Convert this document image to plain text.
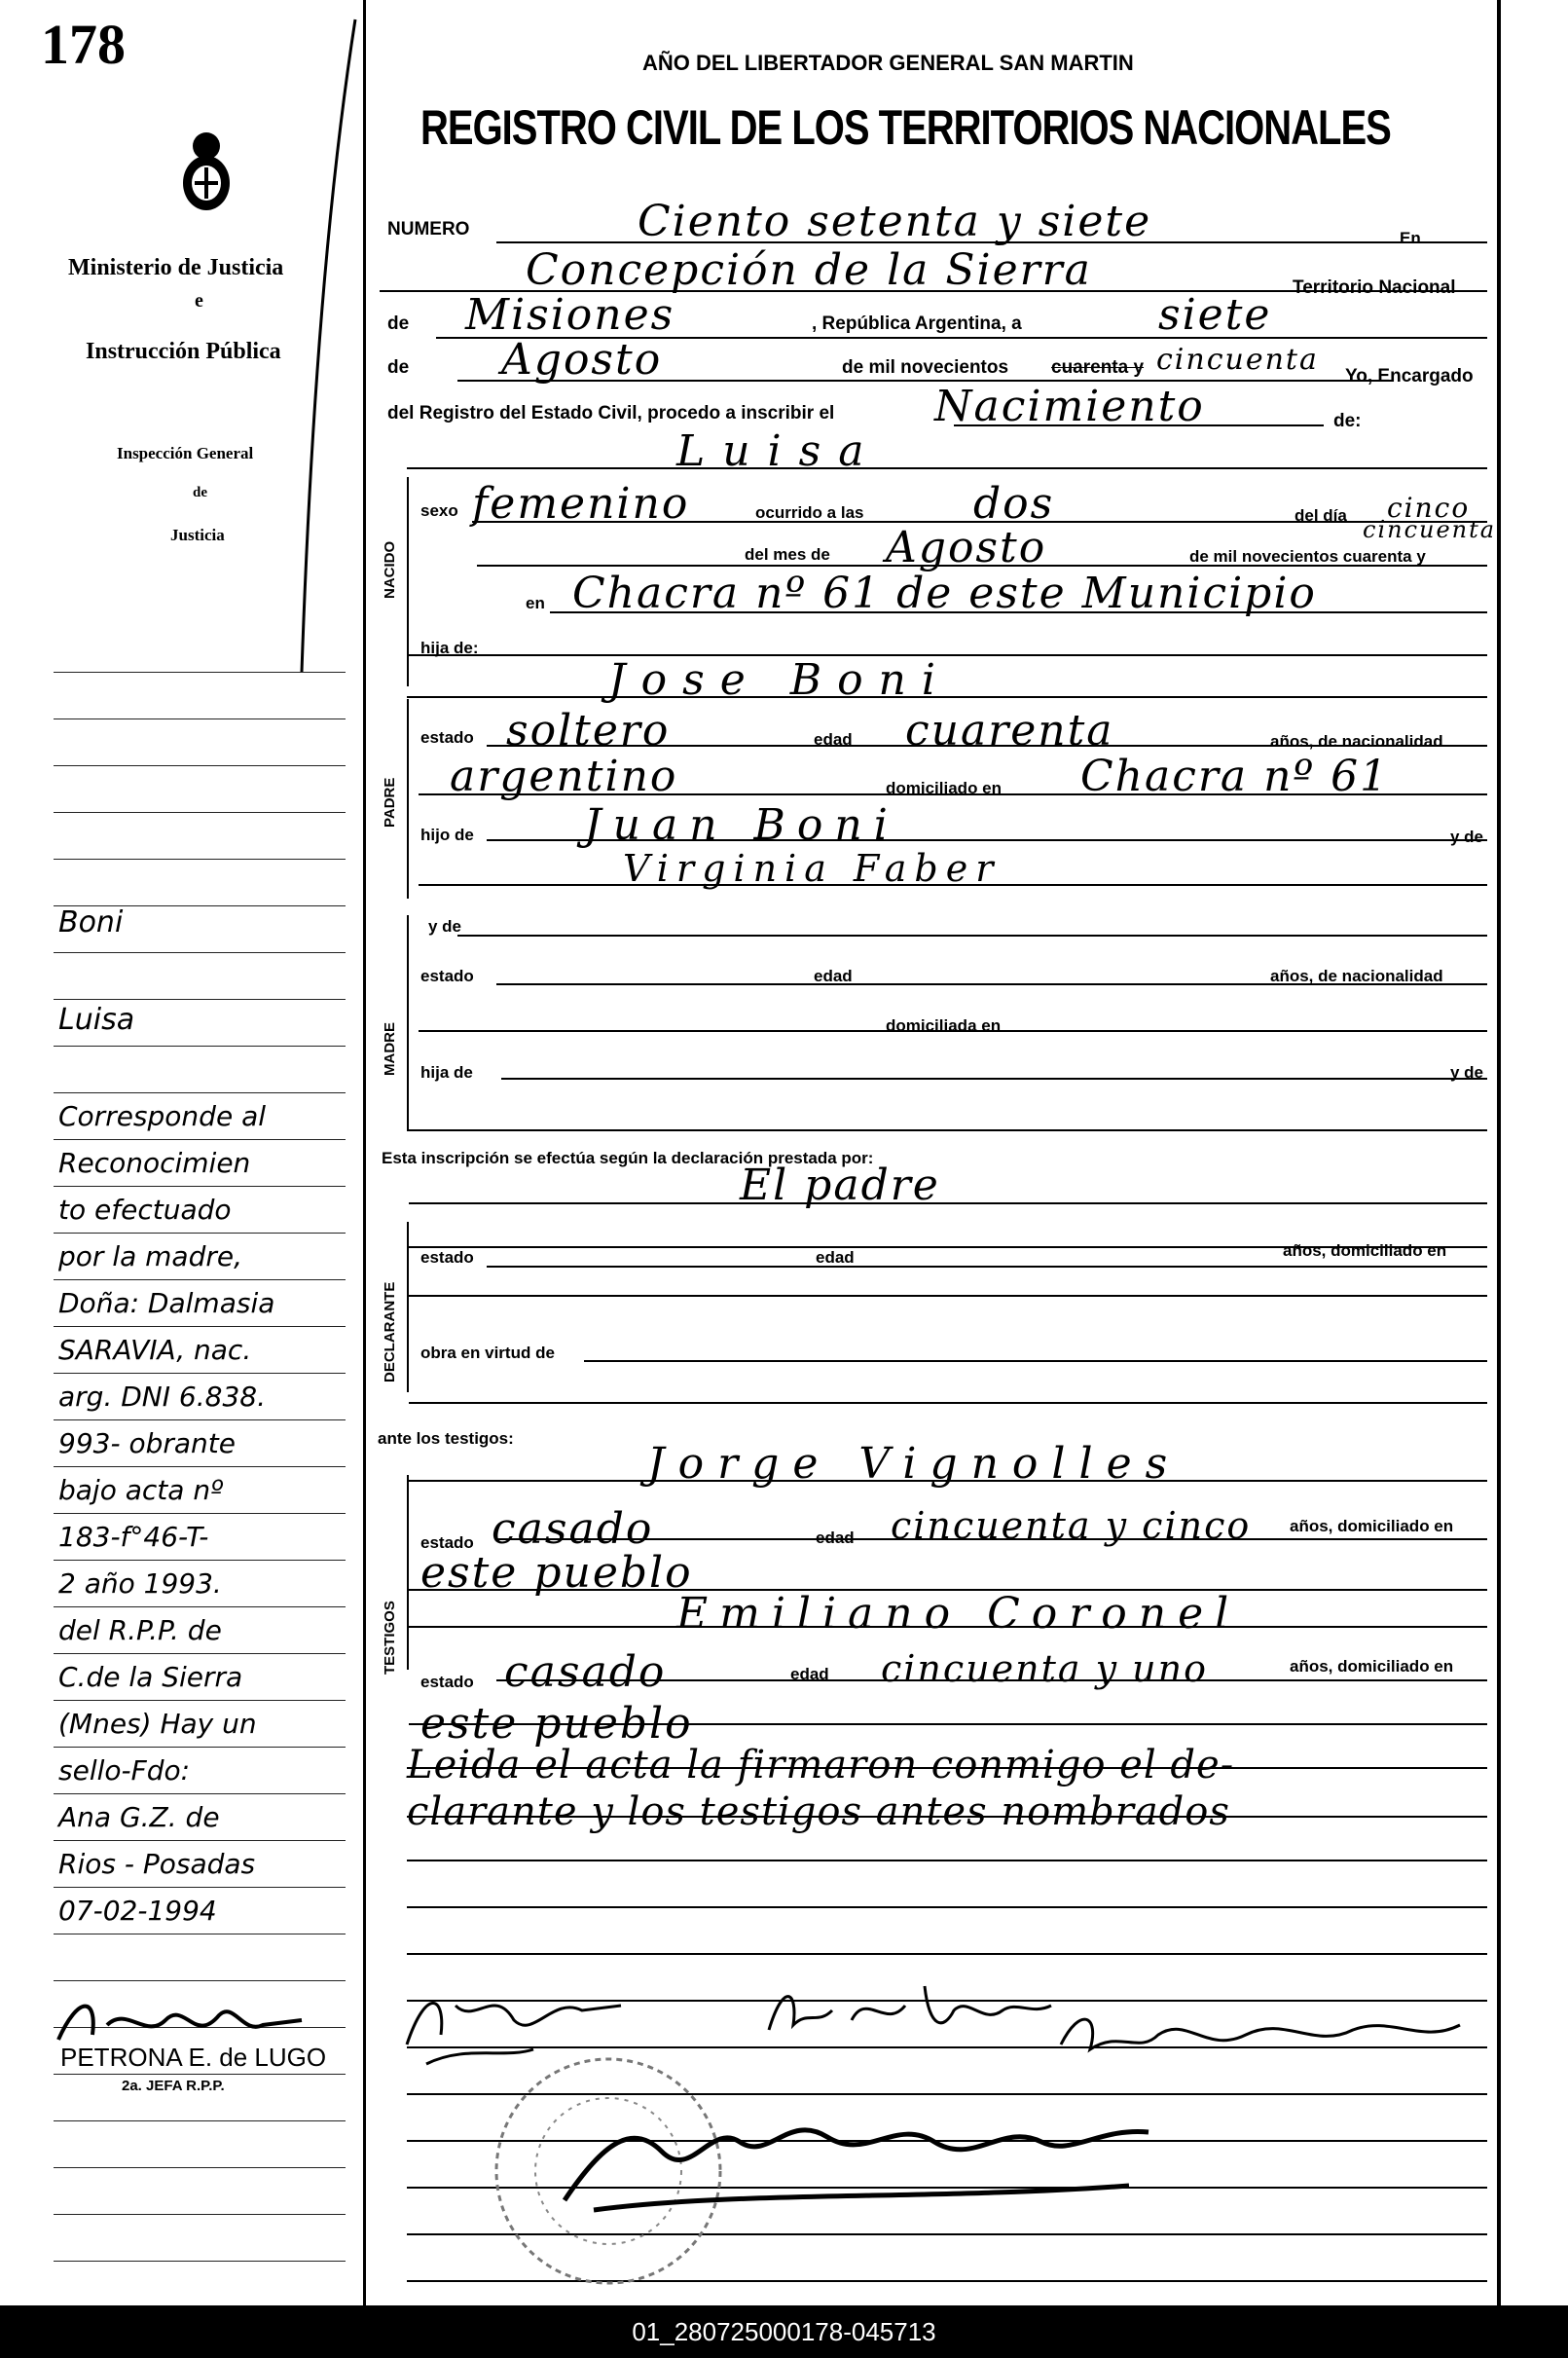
178
Ministerio de Justicia
e
Instrucción Pública
Inspección General
de
Justicia
Boni
Luisa
Corresponde al
Reconocimien
to efectuado
por la madre,
Doña: Dalmasia
SARAVIA, nac.
arg. DNI 6.838.
993- obrante
bajo acta nº
183-f°46-T-
2 año 1993.
del R.P.P. de
C.de la Sierra
(Mnes) Hay un
sello-Fdo:
Ana G.Z. de
Rios - Posadas
07-02-1994
PETRONA E. de LUGO
2a. JEFA R.P.P.
AÑO DEL LIBERTADOR GENERAL SAN MARTIN
REGISTRO CIVIL DE LOS TERRITORIOS NACIONALES
NUMERO	Ciento setenta y siete	En
Concepción de la Sierra	Territorio Nacional
de Misiones	, República Argentina, a	siete
de Agosto	de mil novecientos cuarenta y cincuenta Yo, Encargado
del Registro del Estado Civil, procedo a inscribir el Nacimiento	de:
Luisa
NACIDO
sexo femenino	ocurrido a las	dos	del día cinco
del mes de Agosto	de mil novecientos cuarenta y
cincuenta
en Chacra nº 61 de este Municipio
hija de:
PADRE
Jose Boni
estado soltero	edad cuarenta	años, de nacionalidad
argentino	domiciliado en Chacra nº 61
hijo de	Juan Boni	y de
Virginia Faber
MADRE
y de
estado	edad	años, de nacionalidad
domiciliada en
hija de	y de
Esta inscripción se efectúa según la declaración prestada por:
El padre
DECLARANTE
estado	edad	años, domiciliado en
obra en virtud de
ante los testigos:
TESTIGOS
Jorge Vignolles
estado casado	edad cincuenta y cinco años, domiciliado en
este pueblo
Emiliano Coronel
estado casado	edad cincuenta y uno	años, domiciliado en
este pueblo
Leida el acta la firmaron conmigo el de-
clarante y los testigos antes nombrados
01_280725000178-045713
